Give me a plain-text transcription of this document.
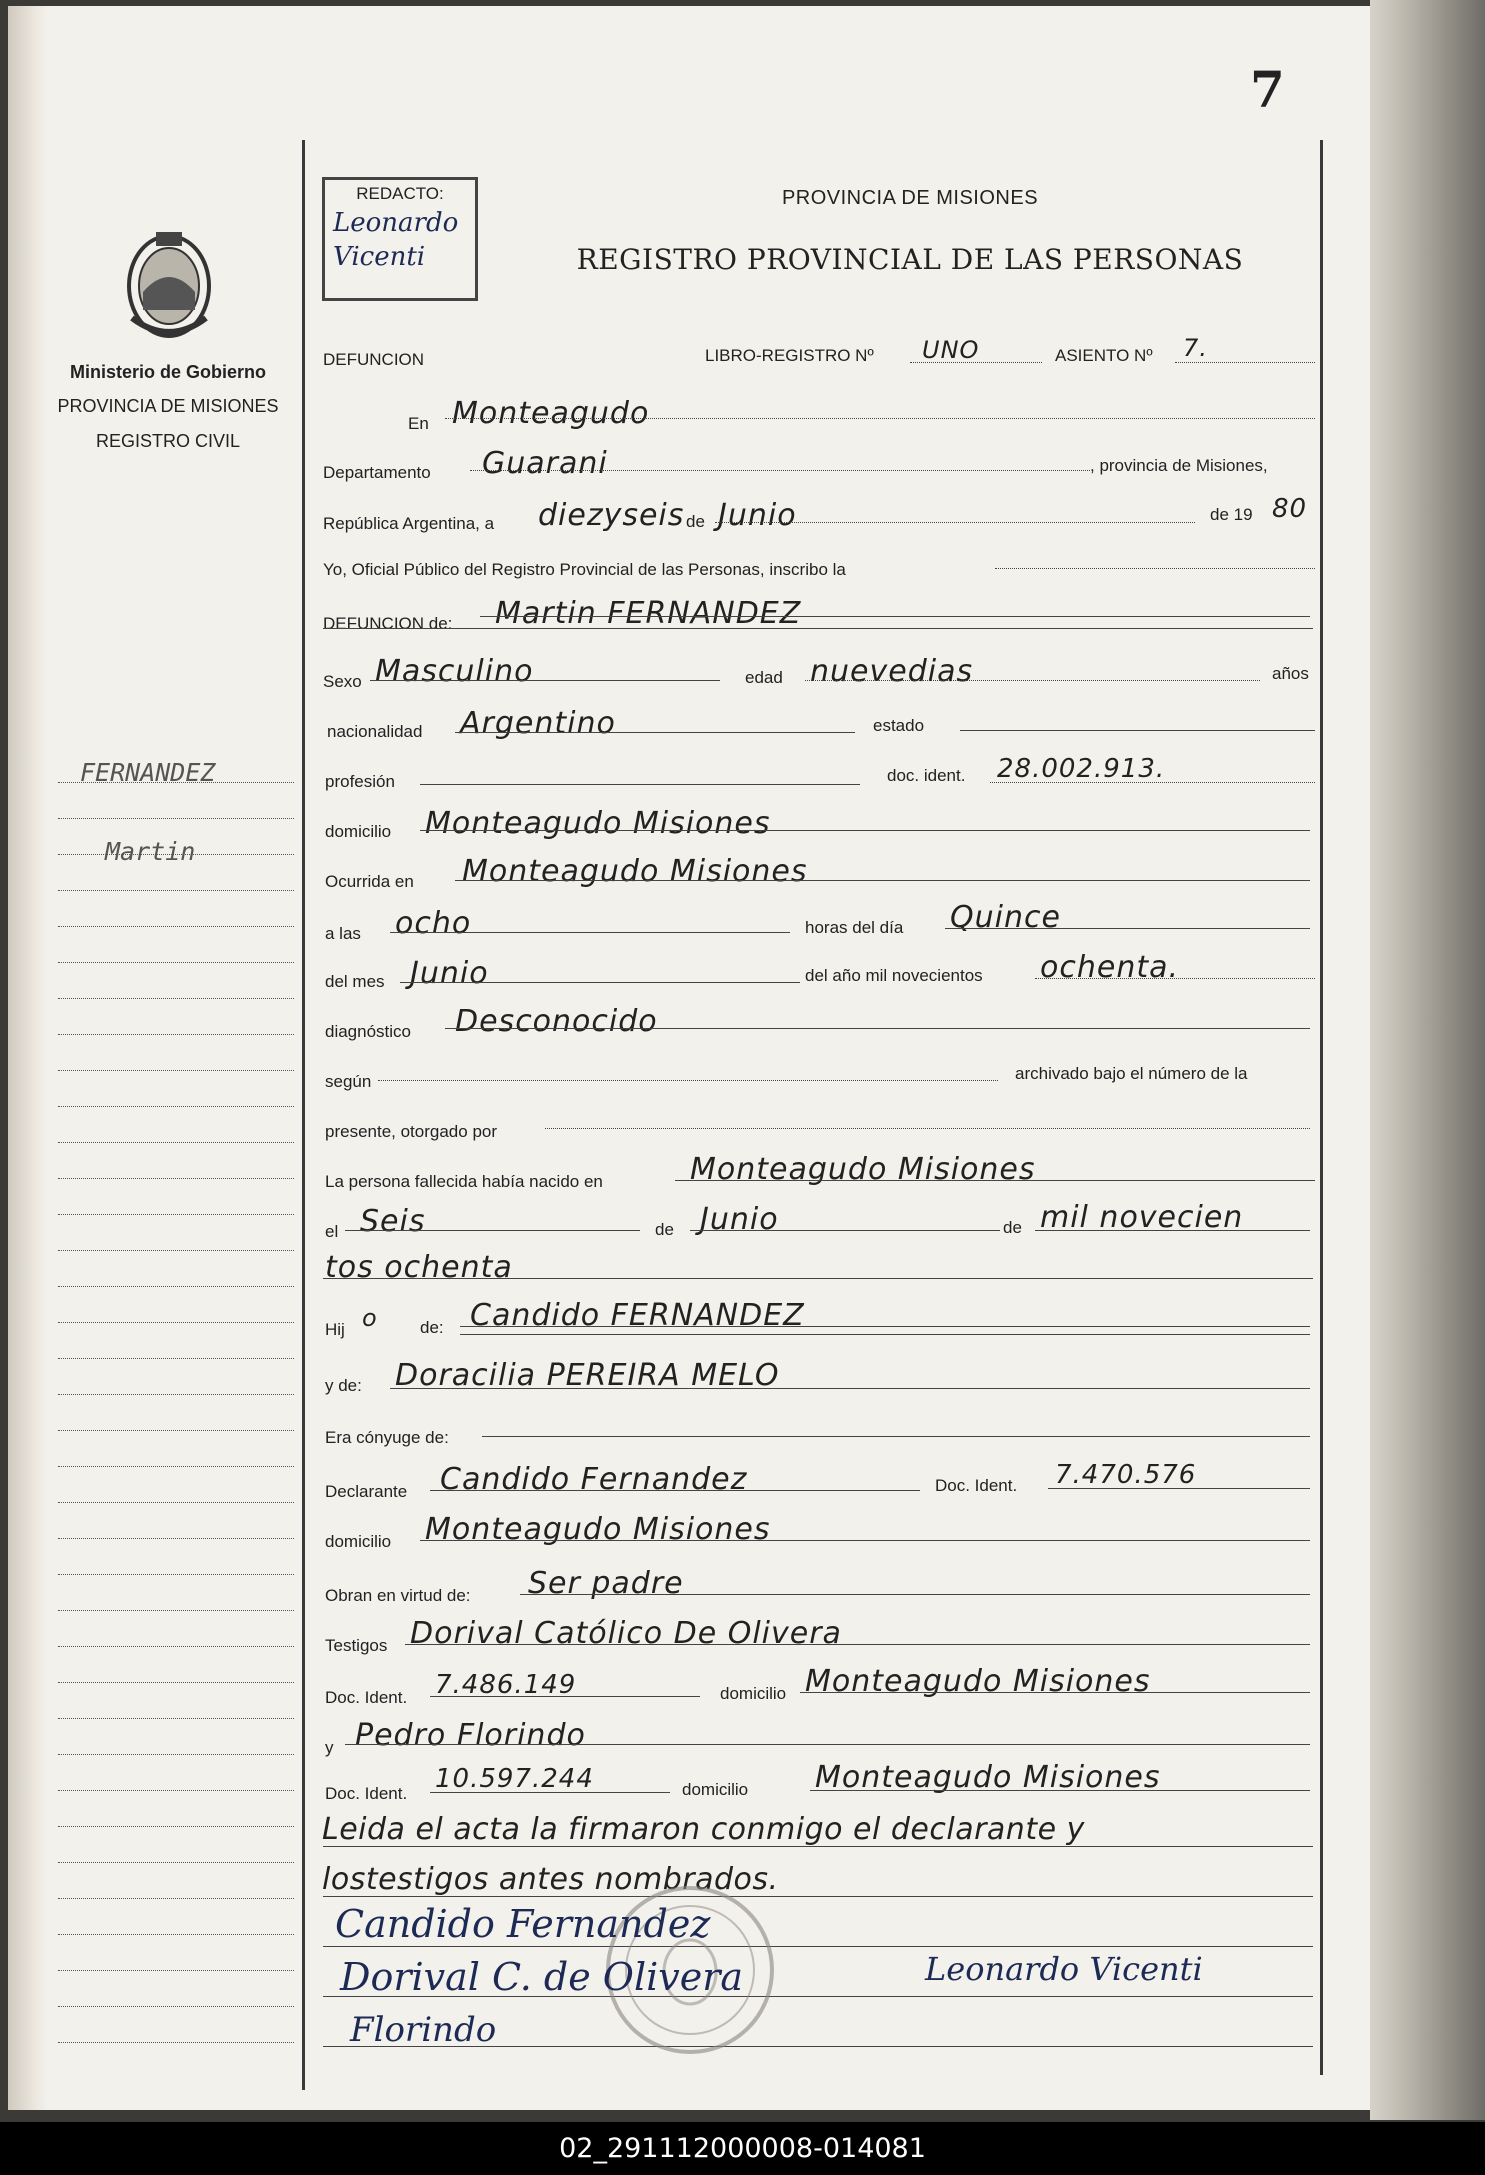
7
Ministerio de Gobierno
PROVINCIA DE MISIONES
REGISTRO CIVIL
FERNANDEZ
Martin
REDACTO:
Leonardo Vicenti
PROVINCIA DE MISIONES
REGISTRO PROVINCIAL DE LAS PERSONAS
DEFUNCION	LIBRO-REGISTRO Nº UNO	ASIENTO Nº 7.
En Monteagudo
Departamento Guarani	, provincia de Misiones,
República Argentina, a diezyseis de Junio	de 19 80
Yo, Oficial Público del Registro Provincial de las Personas, inscribo la
DEFUNCION de: Martin FERNANDEZ
Sexo Masculino	edad nuevedias	años
nacionalidad Argentino	estado
profesión	doc. ident. 28.002.913.
domicilio Monteagudo Misiones
Ocurrida en Monteagudo Misiones
a las ocho	horas del día Quince
del mes Junio	del año mil novecientos ochenta.
diagnóstico Desconocido
según	archivado bajo el número de la
presente, otorgado por
La persona fallecida había nacido en	Monteagudo Misiones
el Seis	de Junio	de mil novecien
tos ochenta
Hij o de: Candido FERNANDEZ
y de: Doracilia PEREIRA MELO
Era cónyuge de:
Declarante Candido Fernandez	Doc. Ident. 7.470.576
domicilio Monteagudo Misiones
Obran en virtud de: Ser padre
Testigos Dorival Católico De Olivera
Doc. Ident. 7.486.149	domicilio Monteagudo Misiones
y Pedro Florindo
Doc. Ident. 10.597.244	domicilio Monteagudo Misiones
Leida el acta la firmaron conmigo el declarante y
lostestigos antes nombrados.
Candido Fernandez
Dorival C. de Olivera	Leonardo Vicenti
Florindo
02_291112000008-014081
